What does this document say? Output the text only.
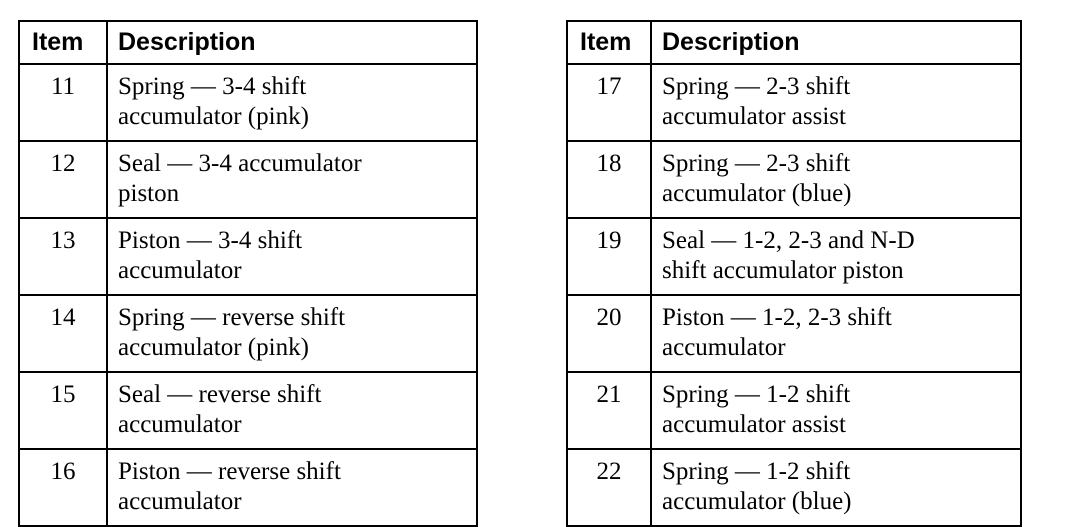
Item	Description
11	Spring — 3-4 shift
accumulator (pink)
12	Seal — 3-4 accumulator
piston
13	Piston — 3-4 shift
accumulator
14	Spring — reverse shift
accumulator (pink)
15	Seal — reverse shift
accumulator
16	Piston — reverse shift
accumulator
Item	Description
17	Spring — 2-3 shift
accumulator assist
18	Spring — 2-3 shift
accumulator (blue)
19	Seal — 1-2, 2-3 and N-D
shift accumulator piston
20	Piston — 1-2, 2-3 shift
accumulator
21	Spring — 1-2 shift
accumulator assist
22	Spring — 1-2 shift
accumulator (blue)
